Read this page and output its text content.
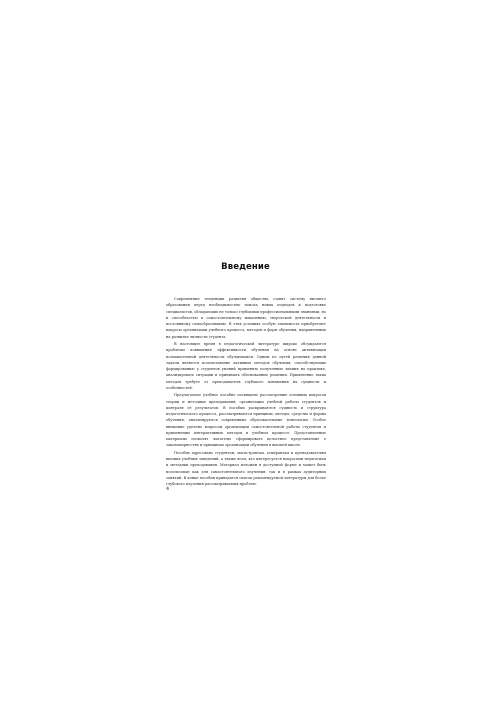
Введение

Современные тенденции развития общества ставят систему высшего образования перед необходимостью поиска новых подходов к подготовке специалистов, обладающих не только глубокими профессиональными знаниями, но и способностью к самостоятельному мышлению, творческой деятельности и постоянному самообразованию. В этих условиях особую значимость приобретают вопросы организации учебного процесса, методов и форм обучения, направленных на развитие личности студента.

В настоящее время в педагогической литературе широко обсуждаются проблемы повышения эффективности обучения на основе активизации познавательной деятельности обучающихся. Одним из путей решения данной задачи является использование активных методов обучения, способствующих формированию у студентов умений применять полученные знания на практике, анализировать ситуации и принимать обоснованные решения. Применение таких методов требует от преподавателя глубокого понимания их сущности и особенностей.

Предлагаемое учебное пособие посвящено рассмотрению основных вопросов теории и методики преподавания, организации учебной работы студентов и контроля её результатов. В пособии раскрываются сущность и структура педагогического процесса, рассматриваются принципы, методы, средства и формы обучения, анализируются современные образовательные технологии. Особое внимание уделено вопросам организации самостоятельной работы студентов и применению интерактивных методов в учебном процессе. Представленные материалы позволят читателю сформировать целостное представление о закономерностях и принципах организации обучения в высшей школе.

Пособие адресовано студентам, магистрантам, аспирантам и преподавателям высших учебных заведений, а также всем, кто интересуется вопросами педагогики и методики преподавания. Материал изложен в доступной форме и может быть использован как для самостоятельного изучения, так и в рамках аудиторных занятий. В конце пособия приводится список рекомендуемой литературы для более глубокого изучения рассматриваемых проблем.

4
